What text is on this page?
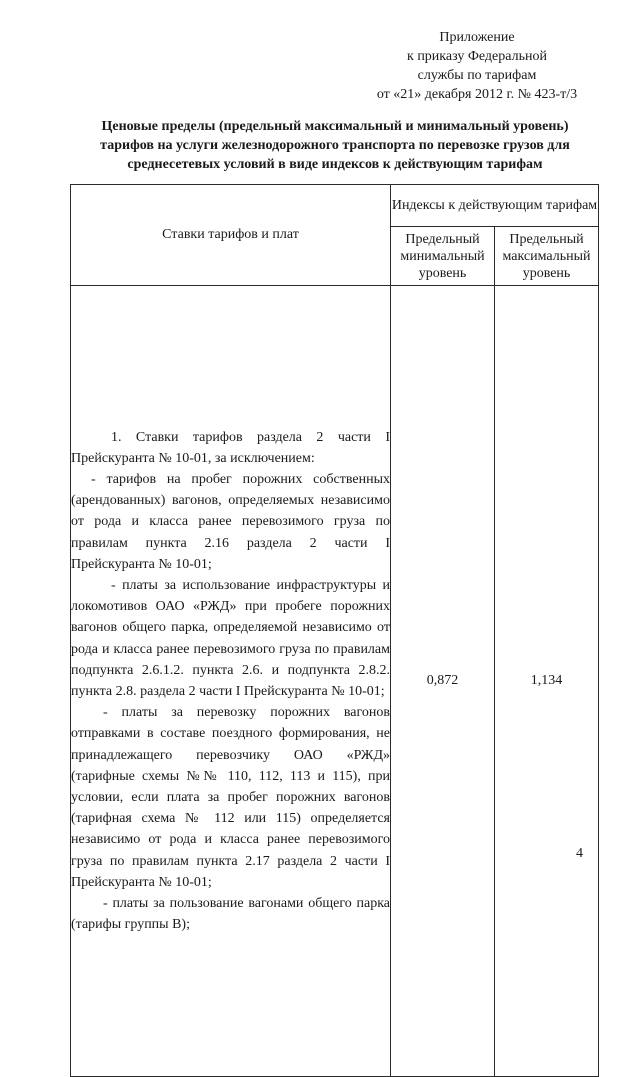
Приложение
к приказу Федеральной
службы по тарифам
от «21» декабря 2012 г. № 423-т/3
Ценовые пределы (предельный максимальный и минимальный уровень)
тарифов на услуги железнодорожного транспорта по перевозке грузов для
среднесетевых условий в виде индексов к действующим тарифам
Ставки тарифов и плат	Индексы к действующим тарифам	
	Предельный минимальный уровень	Предельный максимальный уровень

1. Ставки тарифов раздела 2 части I Прейскуранта № 10-01, за исключением:

- тарифов на пробег порожних собственных (арендованных) вагонов, определяемых независимо от рода и класса ранее перевозимого груза по правилам пункта 2.16 раздела 2 части I Прейскуранта № 10-01;

- платы за использование инфраструктуры и локомотивов ОАО «РЖД» при пробеге порожних вагонов общего парка, определяемой независимо от рода и класса ранее перевозимого груза по правилам подпункта 2.6.1.2. пункта 2.6. и подпункта 2.8.2. пункта 2.8. раздела 2 части I Прейскуранта № 10-01;

- платы за перевозку порожних вагонов отправками в составе поездного формирования, не принадлежащего перевозчику ОАО «РЖД» (тарифные схемы №№ 110, 112, 113 и 115), при условии, если плата за пробег порожних вагонов (тарифная схема № 112 или 115) определяется независимо от рода и класса ранее перевозимого груза по правилам пункта 2.17 раздела 2 части I Прейскуранта № 10-01;

- платы за пользование вагонами общего парка (тарифы группы В);	0,872	1,134
4
